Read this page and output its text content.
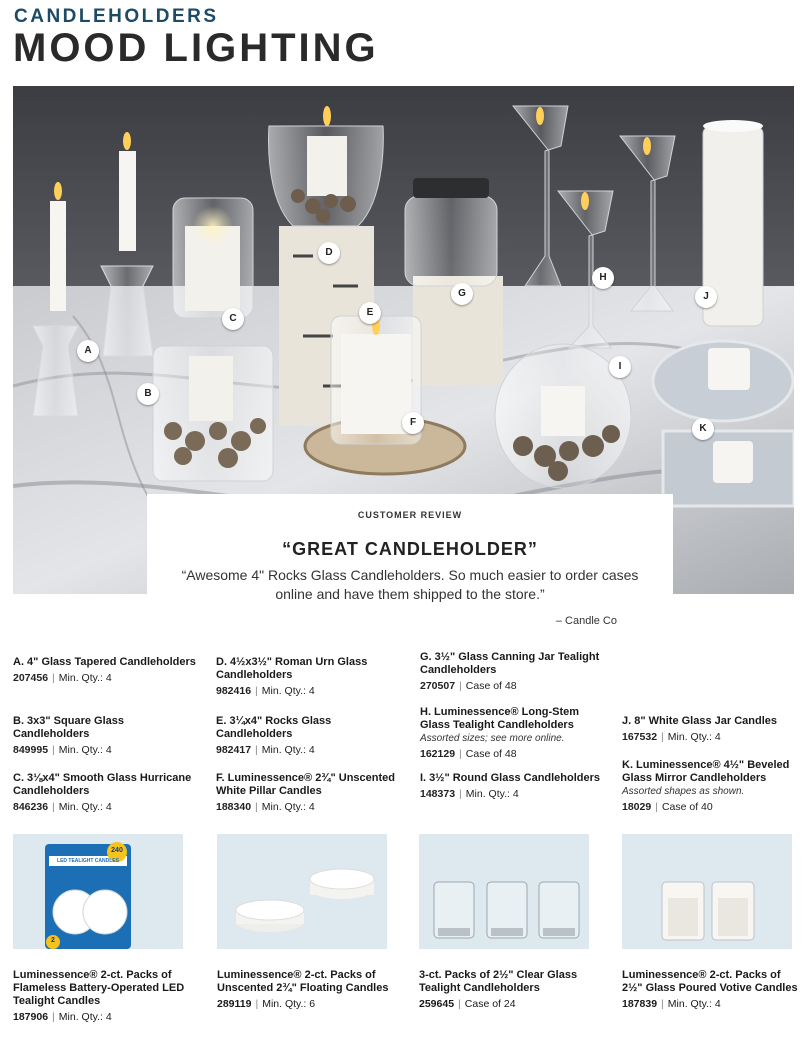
CANDLEHOLDERS
MOOD LIGHTING
A
B
C
D
E
F
G
H
I
J
K
CUSTOMER REVIEW
“GREAT CANDLEHOLDER”
“Awesome 4" Rocks Glass Candleholders. So much easier to order cases online and have them shipped to the store.”
– Candle Co
A. 4" Glass Tapered Candleholders
207456 | Min. Qty.: 4
B. 3x3" Square Glass Candleholders
849995 | Min. Qty.: 4
C. 3⅛x4" Smooth Glass Hurricane Candleholders
846236 | Min. Qty.: 4
D. 4½x3½" Roman Urn Glass Candleholders
982416 | Min. Qty.: 4
E. 3¼x4" Rocks Glass Candleholders
982417 | Min. Qty.: 4
F. Luminessence® 2¾" Unscented White Pillar Candles
188340 | Min. Qty.: 4
G. 3½" Glass Canning Jar Tealight Candleholders
270507 | Case of 48
H. Luminessence® Long-Stem Glass Tealight Candleholders
Assorted sizes; see more online.
162129 | Case of 48
I. 3½" Round Glass Candleholders
148373 | Min. Qty.: 4
J. 8" White Glass Jar Candles
167532 | Min. Qty.: 4
K. Luminessence® 4½" Beveled Glass Mirror Candleholders
Assorted shapes as shown.
18029 | Case of 40
LED TEALIGHT CANDLES
240
2
Luminessence® 2-ct. Packs of Flameless Battery-Operated LED Tealight Candles
187906 | Min. Qty.: 4
Luminessence® 2-ct. Packs of Unscented 2¾" Floating Candles
289119 | Min. Qty.: 6
3-ct. Packs of 2½" Clear Glass Tealight Candleholders
259645 | Case of 24
Luminessence® 2-ct. Packs of 2½" Glass Poured Votive Candles
187839 | Min. Qty.: 4
